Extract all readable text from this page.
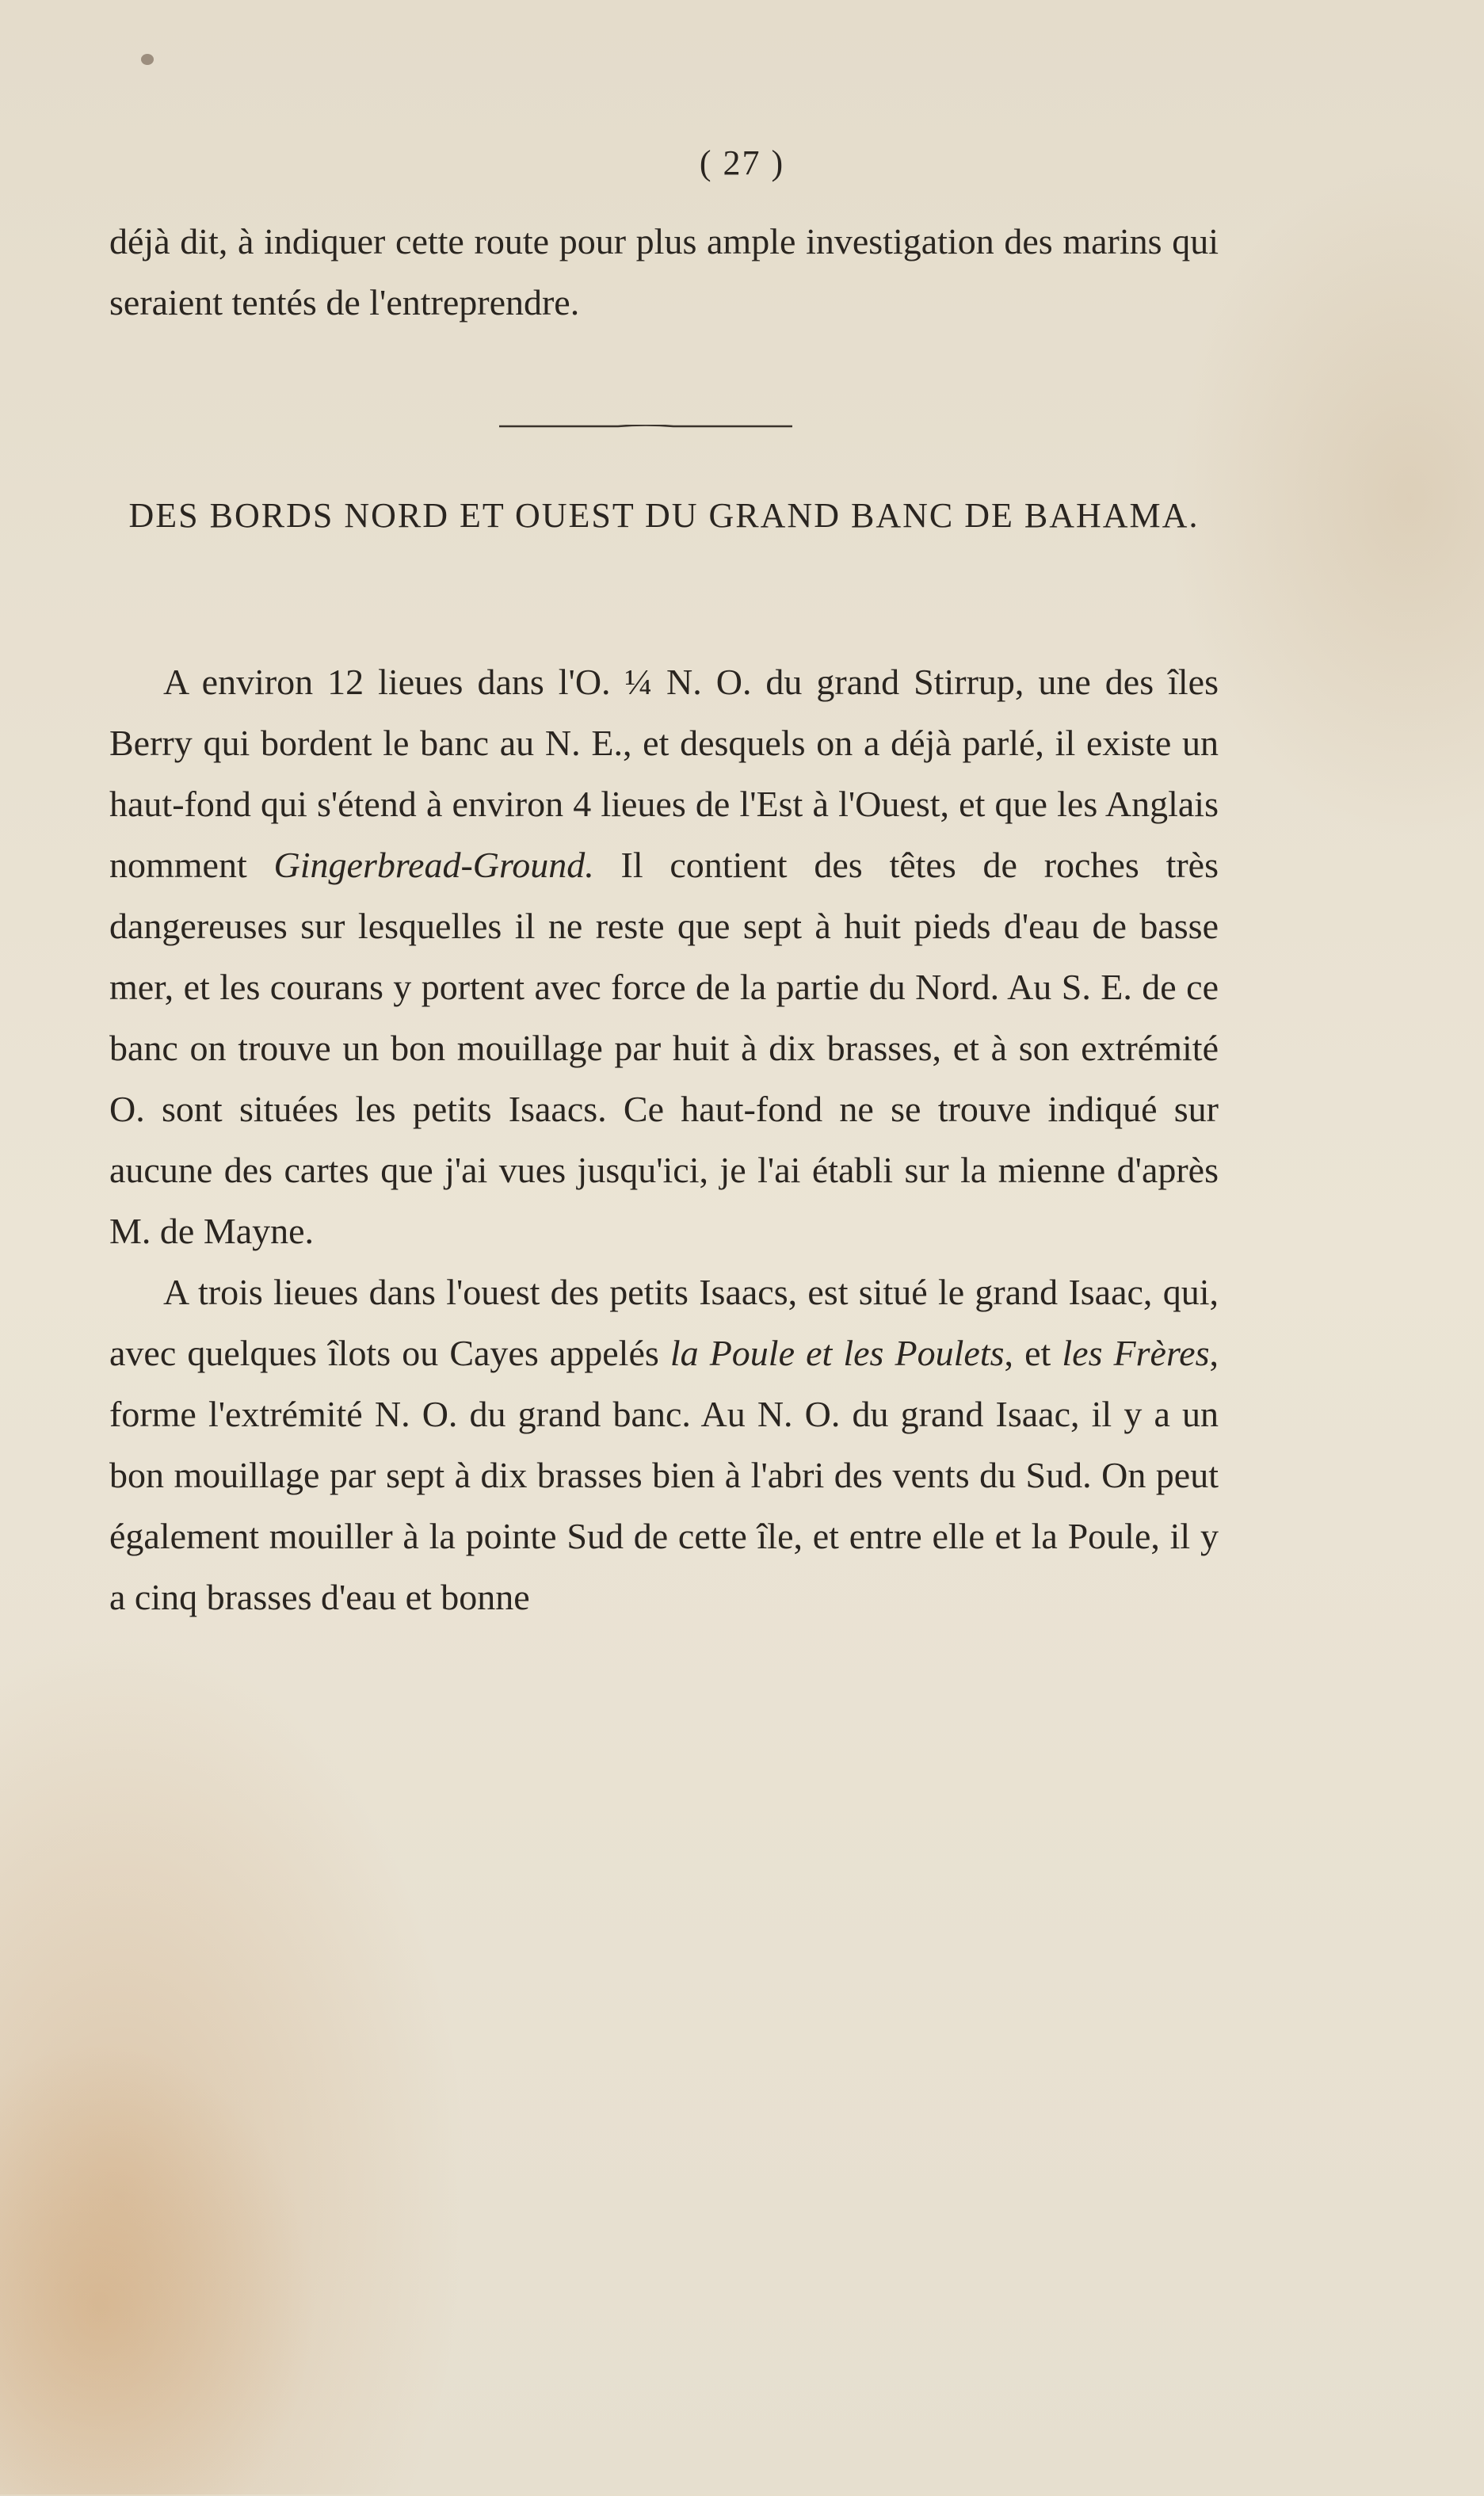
( 27 )

déjà dit, à indiquer cette route pour plus ample investigation des marins qui seraient tentés de l'entreprendre.

DES BORDS NORD ET OUEST DU GRAND BANC DE BAHAMA.

A environ 12 lieues dans l'O. ¼ N. O. du grand Stirrup, une des îles Berry qui bordent le banc au N. E., et desquels on a déjà parlé, il existe un haut-fond qui s'étend à environ 4 lieues de l'Est à l'Ouest, et que les Anglais nomment Gingerbread-Ground. Il contient des têtes de roches très dangereuses sur lesquelles il ne reste que sept à huit pieds d'eau de basse mer, et les courans y portent avec force de la partie du Nord. Au S. E. de ce banc on trouve un bon mouillage par huit à dix brasses, et à son extrémité O. sont situées les petits Isaacs. Ce haut-fond ne se trouve indiqué sur aucune des cartes que j'ai vues jusqu'ici, je l'ai établi sur la mienne d'après M. de Mayne.

A trois lieues dans l'ouest des petits Isaacs, est situé le grand Isaac, qui, avec quelques îlots ou Cayes appelés la Poule et les Poulets, et les Frères, forme l'extrémité N. O. du grand banc. Au N. O. du grand Isaac, il y a un bon mouillage par sept à dix brasses bien à l'abri des vents du Sud. On peut également mouiller à la pointe Sud de cette île, et entre elle et la Poule, il y a cinq brasses d'eau et bonne
